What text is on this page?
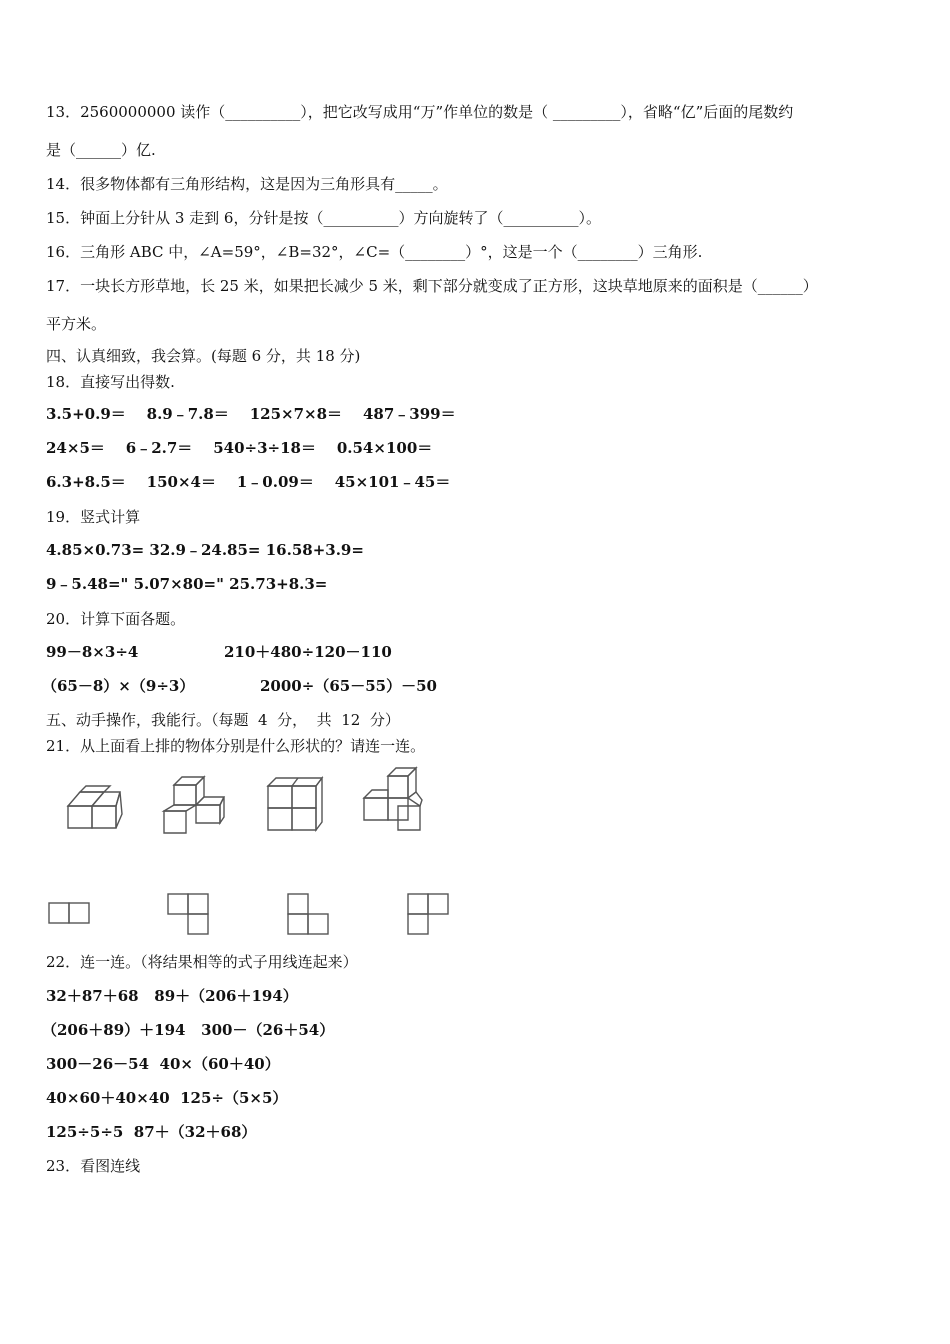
13．2560000000 读作（__________），把它改写成用“万”作单位的数是（ _________），省略“亿”后面的尾数约
是（______）亿.
14．很多物体都有三角形结构，这是因为三角形具有_____。
15．钟面上分针从 3 走到 6，分针是按（__________）方向旋转了（__________）。
16．三角形 ABC 中，∠A=59°，∠B=32°，∠C=（________）°，这是一个（________）三角形.
17．一块长方形草地，长 25 米，如果把长减少 5 米，剩下部分就变成了正方形，这块草地原来的面积是（______）
平方米。
四、认真细致，我会算。(每题 6 分，共 18 分)
18．直接写出得数.
3.5+0.9＝    8.9﹣7.8＝    125×7×8＝    487﹣399＝
24×5＝    6﹣2.7＝    540÷3÷18＝    0.54×100＝
6.3+8.5＝    150×4＝    1﹣0.09＝    45×101﹣45＝
19．竖式计算
4.85×0.73= 32.9﹣24.85= 16.58+3.9=
9﹣5.48=" 5.07×80=" 25.73+8.3=
20．计算下面各题。
99－8×3÷4	210＋480÷120－110
（65－8）×（9÷3）	2000÷（65－55）－50
五、动手操作，我能行。（每题  4  分，  共  12  分）
21．从上面看上排的物体分别是什么形状的？请连一连。
22．连一连。（将结果相等的式子用线连起来）
32＋87＋68   89＋（206＋194）
（206＋89）＋194   300－（26＋54）
300－26－54  40×（60＋40）
40×60＋40×40  125÷（5×5）
125÷5÷5  87＋（32＋68）
23．看图连线
